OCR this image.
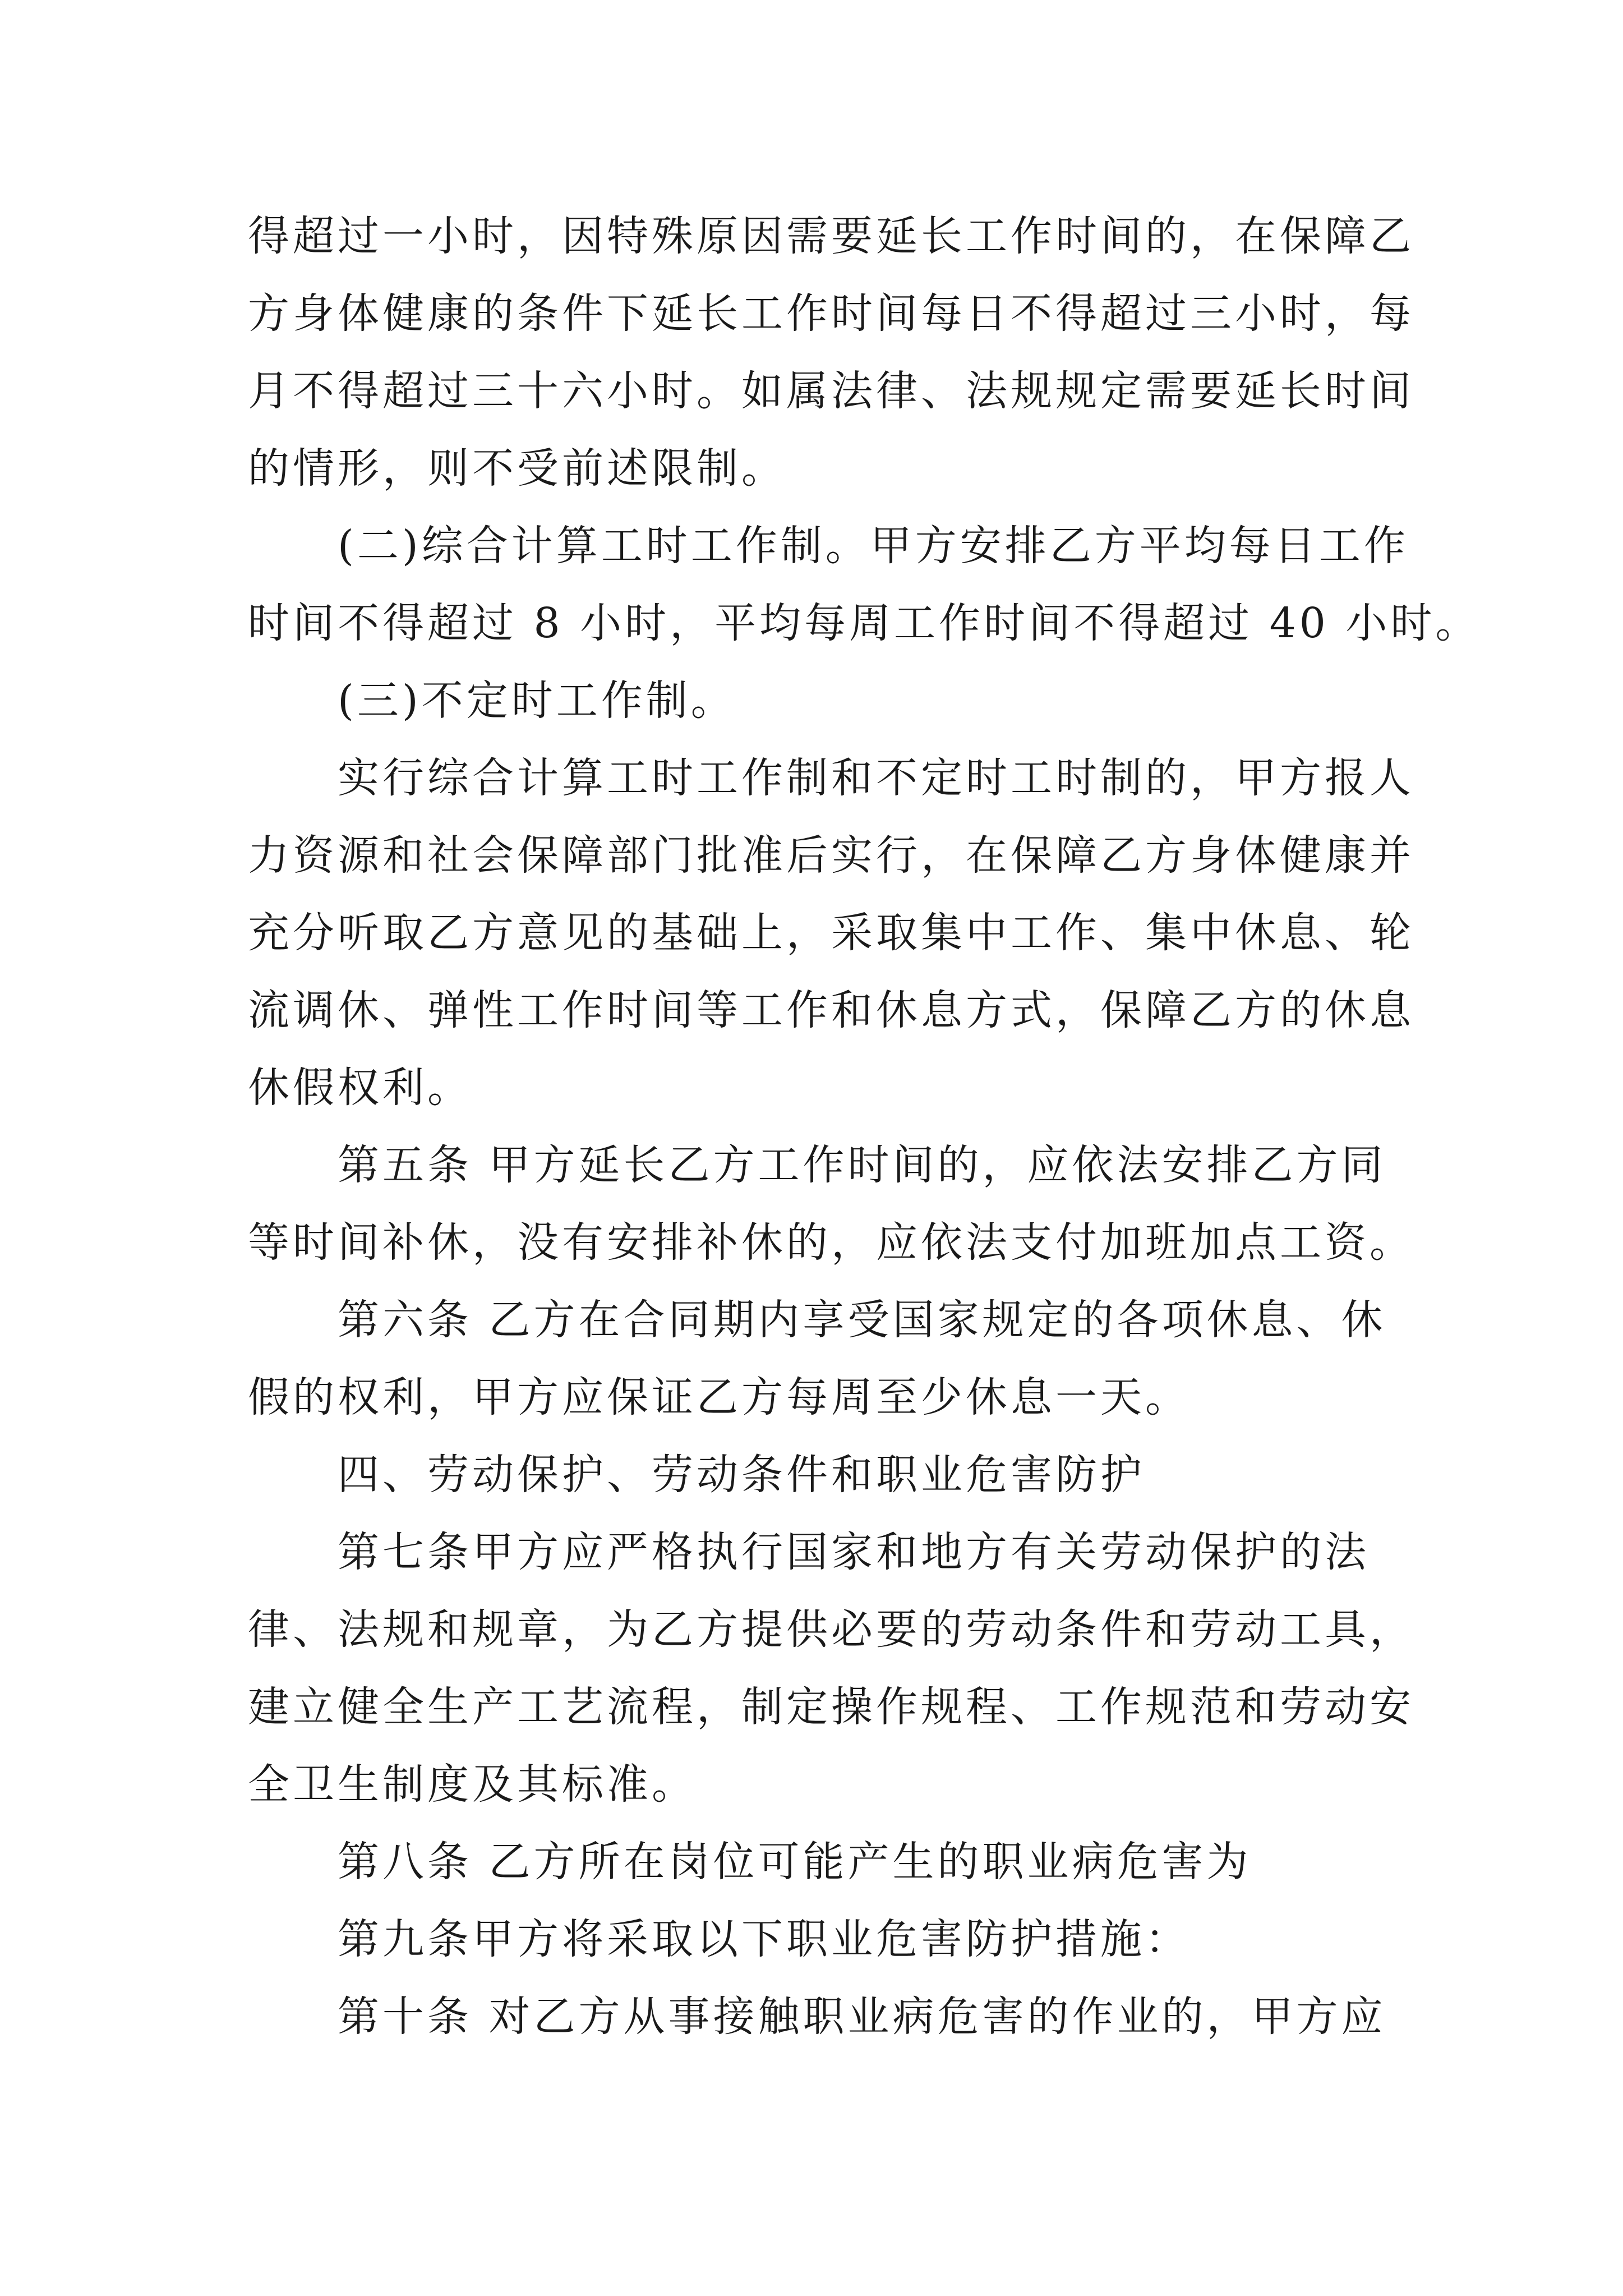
得超过一小时，因特殊原因需要延长工作时间的，在保障乙
方身体健康的条件下延长工作时间每日不得超过三小时，每
月不得超过三十六小时。如属法律、法规规定需要延长时间
的情形，则不受前述限制。
(二)综合计算工时工作制。甲方安排乙方平均每日工作
时间不得超过 8 小时，平均每周工作时间不得超过 40 小时。
(三)不定时工作制。
实行综合计算工时工作制和不定时工时制的，甲方报人
力资源和社会保障部门批准后实行，在保障乙方身体健康并
充分听取乙方意见的基础上，采取集中工作、集中休息、轮
流调休、弹性工作时间等工作和休息方式，保障乙方的休息
休假权利。
第五条 甲方延长乙方工作时间的，应依法安排乙方同
等时间补休，没有安排补休的，应依法支付加班加点工资。
第六条 乙方在合同期内享受国家规定的各项休息、休
假的权利，甲方应保证乙方每周至少休息一天。
四、劳动保护、劳动条件和职业危害防护
第七条甲方应严格执行国家和地方有关劳动保护的法
律、法规和规章，为乙方提供必要的劳动条件和劳动工具，
建立健全生产工艺流程，制定操作规程、工作规范和劳动安
全卫生制度及其标准。
第八条 乙方所在岗位可能产生的职业病危害为
第九条甲方将采取以下职业危害防护措施：
第十条 对乙方从事接触职业病危害的作业的，甲方应
